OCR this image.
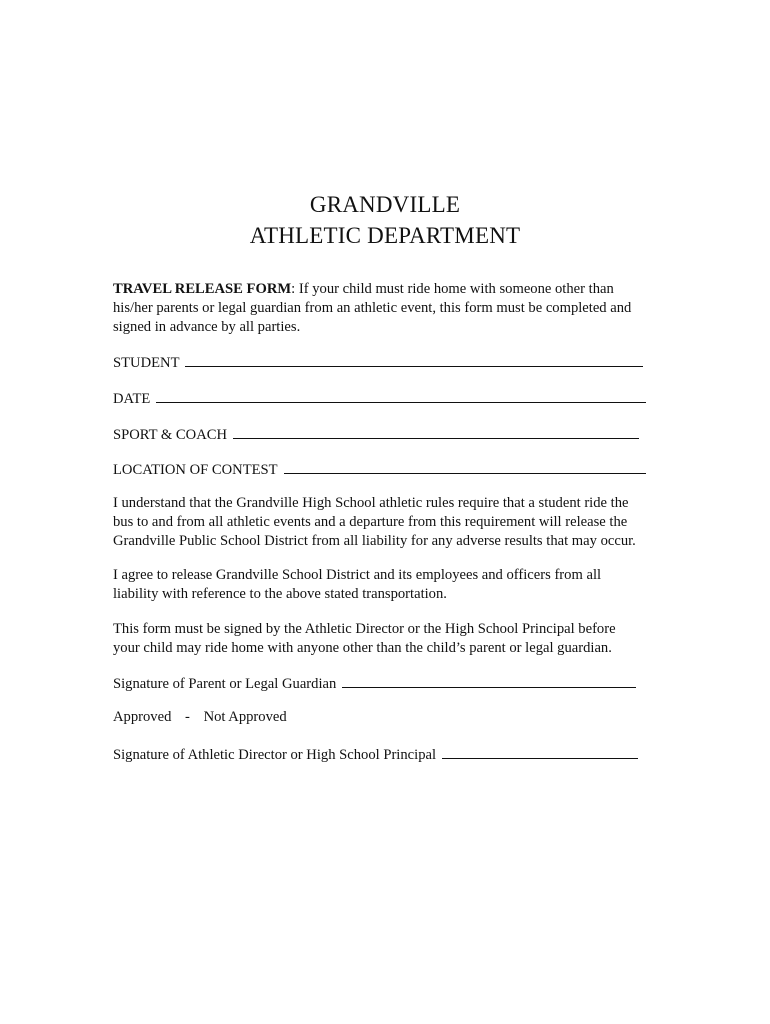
GRANDVILLE
ATHLETIC DEPARTMENT
TRAVEL RELEASE FORM: If your child must ride home with someone other than
his/her parents or legal guardian from an athletic event, this form must be completed and
signed in advance by all parties.
STUDENT
DATE
SPORT & COACH
LOCATION OF CONTEST
I understand that the Grandville High School athletic rules require that a student ride the
bus to and from all athletic events and a departure from this requirement will release the
Grandville Public School District from all liability for any adverse results that may occur.
I agree to release Grandville School District and its employees and officers from all
liability with reference to the above stated transportation.
This form must be signed by the Athletic Director or the High School Principal before
your child may ride home with anyone other than the child’s parent or legal guardian.
Signature of Parent or Legal Guardian
Approved - Not Approved
Signature of Athletic Director or High School Principal
